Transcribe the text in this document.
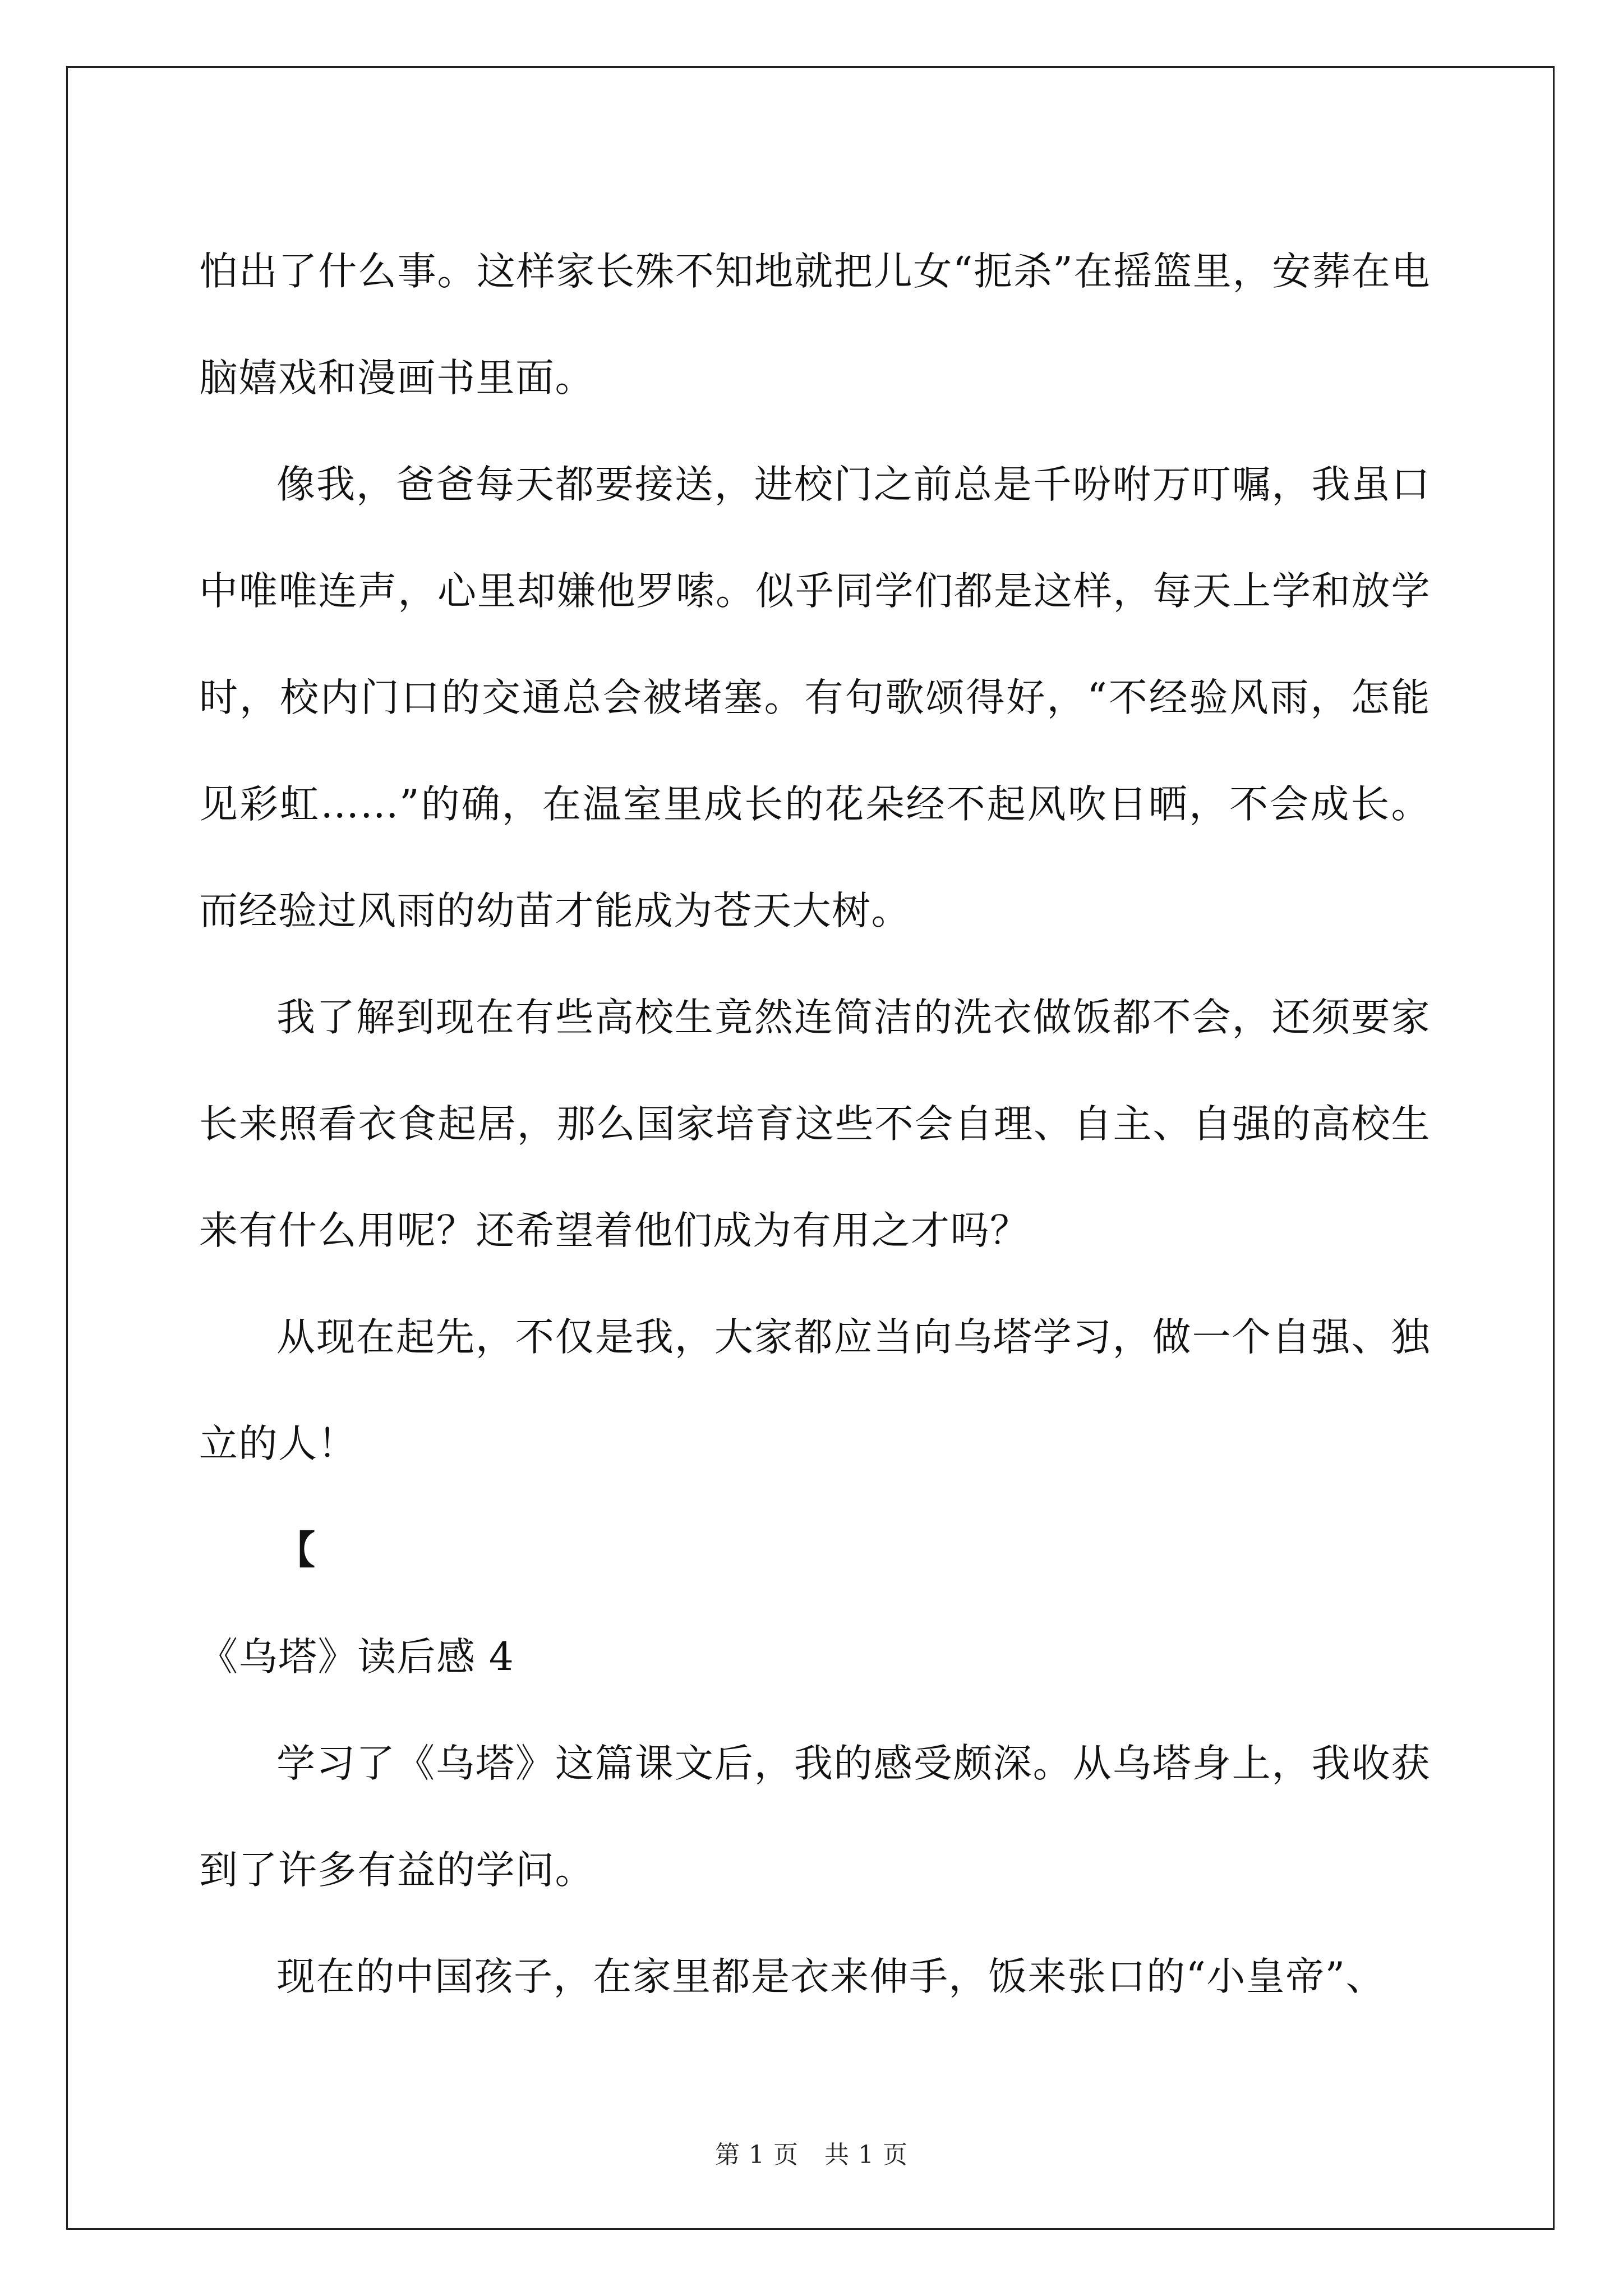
怕出了什么事。这样家长殊不知地就把儿女“扼杀”在摇篮里，安葬在电脑嬉戏和漫画书里面。

像我，爸爸每天都要接送，进校门之前总是千吩咐万叮嘱，我虽口中唯唯连声，心里却嫌他罗嗦。似乎同学们都是这样，每天上学和放学时，校内门口的交通总会被堵塞。有句歌颂得好，“不经验风雨，怎能见彩虹……”的确，在温室里成长的花朵经不起风吹日晒，不会成长。而经验过风雨的幼苗才能成为苍天大树。

我了解到现在有些高校生竟然连简洁的洗衣做饭都不会，还须要家长来照看衣食起居，那么国家培育这些不会自理、自主、自强的高校生来有什么用呢？还希望着他们成为有用之才吗？

从现在起先，不仅是我，大家都应当向乌塔学习，做一个自强、独立的人！

【

《乌塔》读后感 4

学习了《乌塔》这篇课文后，我的感受颇深。从乌塔身上，我收获到了许多有益的学问。

现在的中国孩子，在家里都是衣来伸手，饭来张口的“小皇帝”、

第 1 页 共 1 页
